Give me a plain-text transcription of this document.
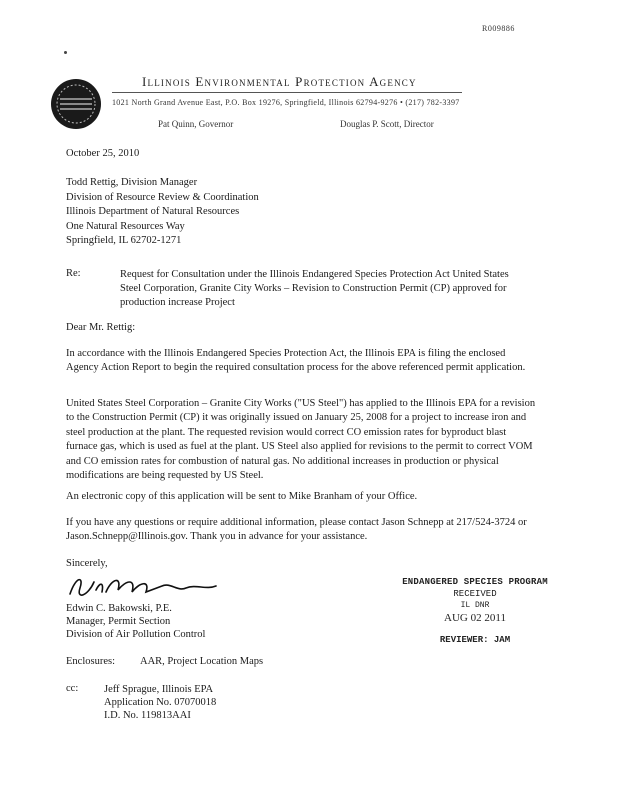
R009886
Illinois Environmental Protection Agency
1021 North Grand Avenue East, P.O. Box 19276, Springfield, Illinois 62794-9276 • (217) 782-3397
Pat Quinn, Governor	Douglas P. Scott, Director
October 25, 2010
Todd Rettig, Division Manager
Division of Resource Review & Coordination
Illinois Department of Natural Resources
One Natural Resources Way
Springfield, IL 62702-1271
Re:	Request for Consultation under the Illinois Endangered Species Protection Act United States Steel Corporation, Granite City Works – Revision to Construction Permit (CP) approved for production increase Project
Dear Mr. Rettig:
In accordance with the Illinois Endangered Species Protection Act, the Illinois EPA is filing the enclosed Agency Action Report to begin the required consultation process for the above referenced permit application.
United States Steel Corporation – Granite City Works ("US Steel") has applied to the Illinois EPA for a revision to the Construction Permit (CP) it was originally issued on January 25, 2008 for a project to increase iron and steel production at the plant. The requested revision would correct CO emission rates for byproduct blast furnace gas, which is used as fuel at the plant. US Steel also applied for revisions to the permit to correct VOM and CO emission rates for combustion of natural gas. No additional increases in production or physical modifications are being requested by US Steel.
An electronic copy of this application will be sent to Mike Branham of your Office.
If you have any questions or require additional information, please contact Jason Schnepp at 217/524-3724 or Jason.Schnepp@Illinois.gov. Thank you in advance for your assistance.
Sincerely,
Edwin C. Bakowski, P.E.
Manager, Permit Section
Division of Air Pollution Control
ENDANGERED SPECIES PROGRAM
RECEIVED
IL DNR
AUG 02 2011
REVIEWER: JAM
Enclosures: AAR, Project Location Maps
cc: Jeff Sprague, Illinois EPA
Application No. 07070018
I.D. No. 119813AAI
